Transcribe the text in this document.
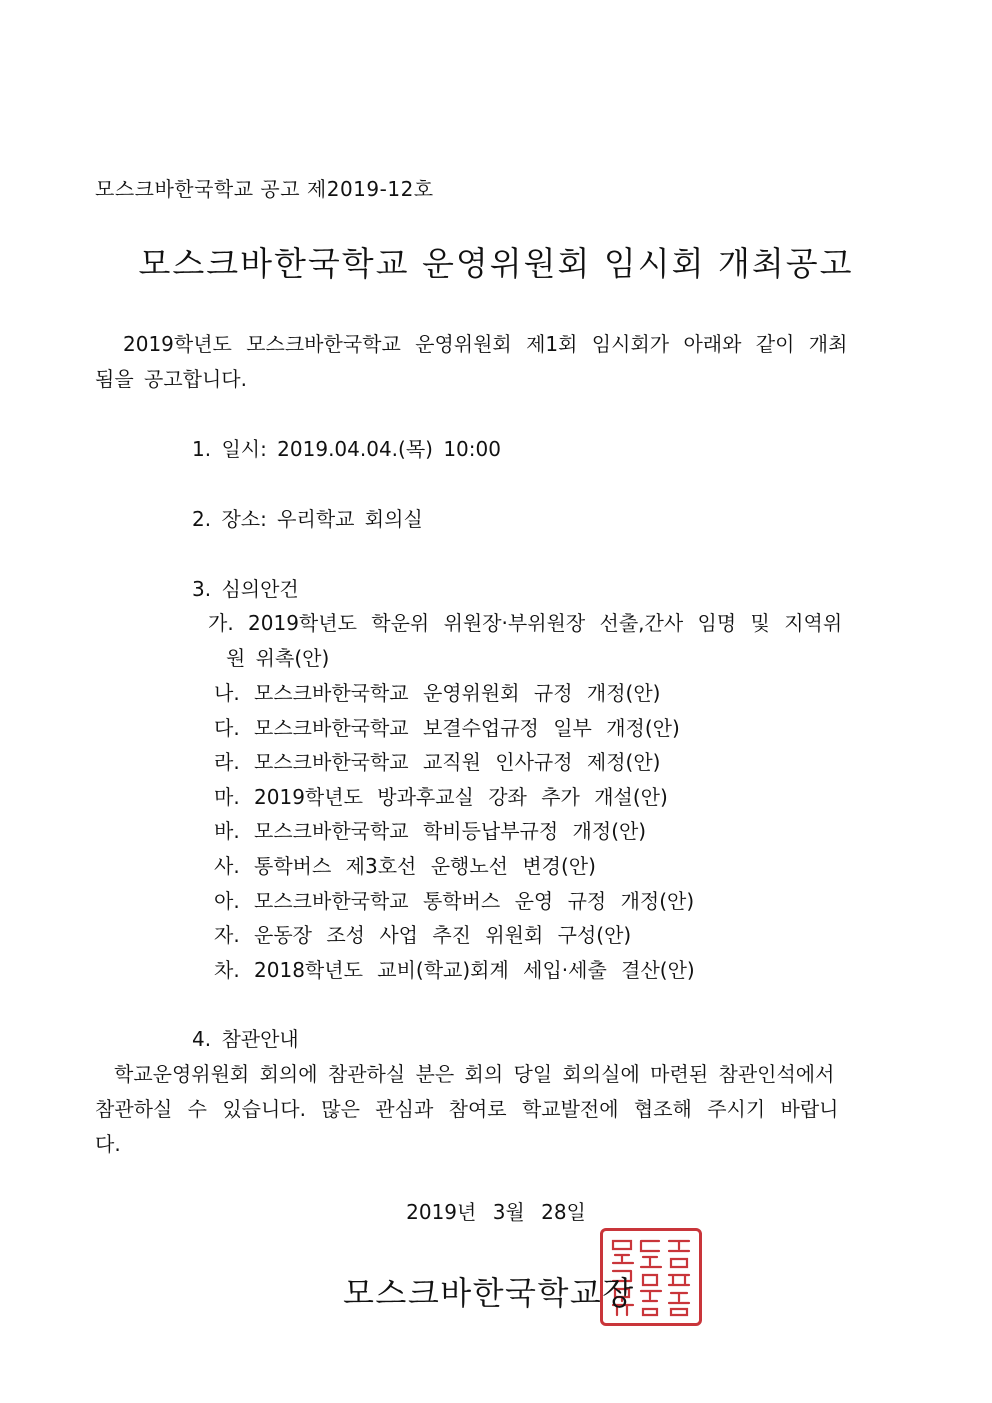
모스크바한국학교 공고 제2019-12호
모스크바한국학교 운영위원회 임시회 개최공고
2019학년도 모스크바한국학교 운영위원회 제1회 임시회가 아래와 같이 개최
됨을 공고합니다.
1. 일시: 2019.04.04.(목) 10:00
2. 장소: 우리학교 회의실
3. 심의안건
가. 2019학년도 학운위 위원장·부위원장 선출,간사 임명 및 지역위
원 위촉(안)
나. 모스크바한국학교 운영위원회 규정 개정(안)
다. 모스크바한국학교 보결수업규정 일부 개정(안)
라. 모스크바한국학교 교직원 인사규정 제정(안)
마. 2019학년도 방과후교실 강좌 추가 개설(안)
바. 모스크바한국학교 학비등납부규정 개정(안)
사. 통학버스 제3호선 운행노선 변경(안)
아. 모스크바한국학교 통학버스 운영 규정 개정(안)
자. 운동장 조성 사업 추진 위원회 구성(안)
차. 2018학년도 교비(학교)회계 세입·세출 결산(안)
4. 참관안내
학교운영위원회 회의에 참관하실 분은 회의 당일 회의실에 마련된 참관인석에서
참관하실 수 있습니다. 많은 관심과 참여로 학교발전에 협조해 주시기 바랍니
다.
2019년 3월 28일
모스크바한국학교장
